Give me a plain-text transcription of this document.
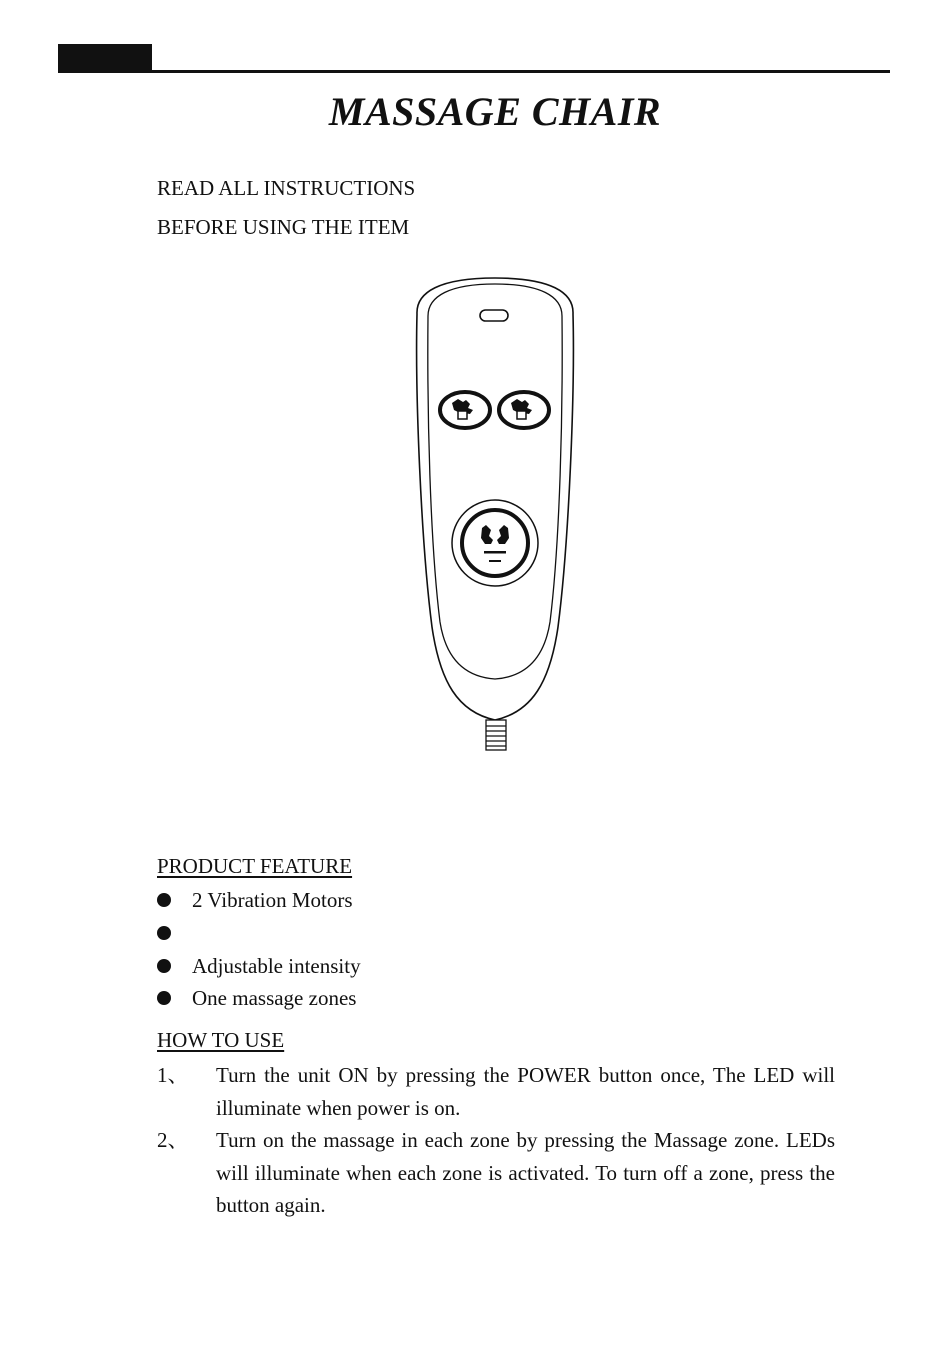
MASSAGE CHAIR
READ ALL INSTRUCTIONS
BEFORE USING THE ITEM
PRODUCT FEATURE
2 Vibration Motors
Adjustable intensity
One massage zones
HOW TO USE
1、 Turn the unit ON by pressing the POWER button once, The LED will illuminate when power is on.
2、 Turn on the massage in each zone by pressing the Massage zone. LEDs will illuminate when each zone is activated. To turn off a zone, press the button again.
